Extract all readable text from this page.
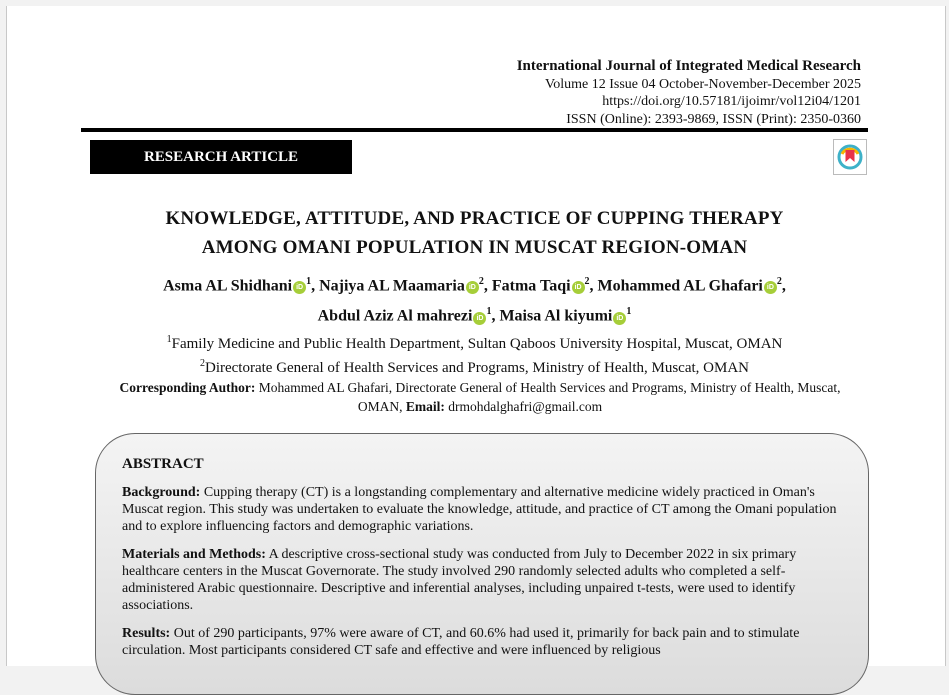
International Journal of Integrated Medical Research
Volume 12 Issue 04 October-November-December 2025
https://doi.org/10.57181/ijoimr/vol12i04/1201
ISSN (Online): 2393-9869, ISSN (Print): 2350-0360
RESEARCH ARTICLE
KNOWLEDGE, ATTITUDE, AND PRACTICE OF CUPPING THERAPY
AMONG OMANI POPULATION IN MUSCAT REGION-OMAN
Asma AL Shidhani $iD^1$, Najiya AL Maamaria $iD^2$, Fatma Taqi $iD^2$, Mohammed AL Ghafari $iD^2$,
Abdul Aziz Al mahrezi $iD^1$, Maisa Al kiyumi $iD^1$
$^1$Family Medicine and Public Health Department, Sultan Qaboos University Hospital, Muscat, OMAN
$^2$Directorate General of Health Services and Programs, Ministry of Health, Muscat, OMAN
Corresponding Author: Mohammed AL Ghafari, Directorate General of Health Services and Programs, Ministry of Health, Muscat, OMAN, Email: drmohdalghafri@gmail.com
ABSTRACT

Background: Cupping therapy (CT) is a longstanding complementary and alternative medicine widely practiced in Oman's Muscat region. This study was undertaken to evaluate the knowledge, attitude, and practice of CT among the Omani population and to explore influencing factors and demographic variations.

Materials and Methods: A descriptive cross-sectional study was conducted from July to December 2022 in six primary healthcare centers in the Muscat Governorate. The study involved 290 randomly selected adults who completed a self-administered Arabic questionnaire. Descriptive and inferential analyses, including unpaired t-tests, were used to identify associations.

Results: Out of 290 participants, 97% were aware of CT, and 60.6% had used it, primarily for back pain and to stimulate circulation. Most participants considered CT safe and effective and were influenced by religious
